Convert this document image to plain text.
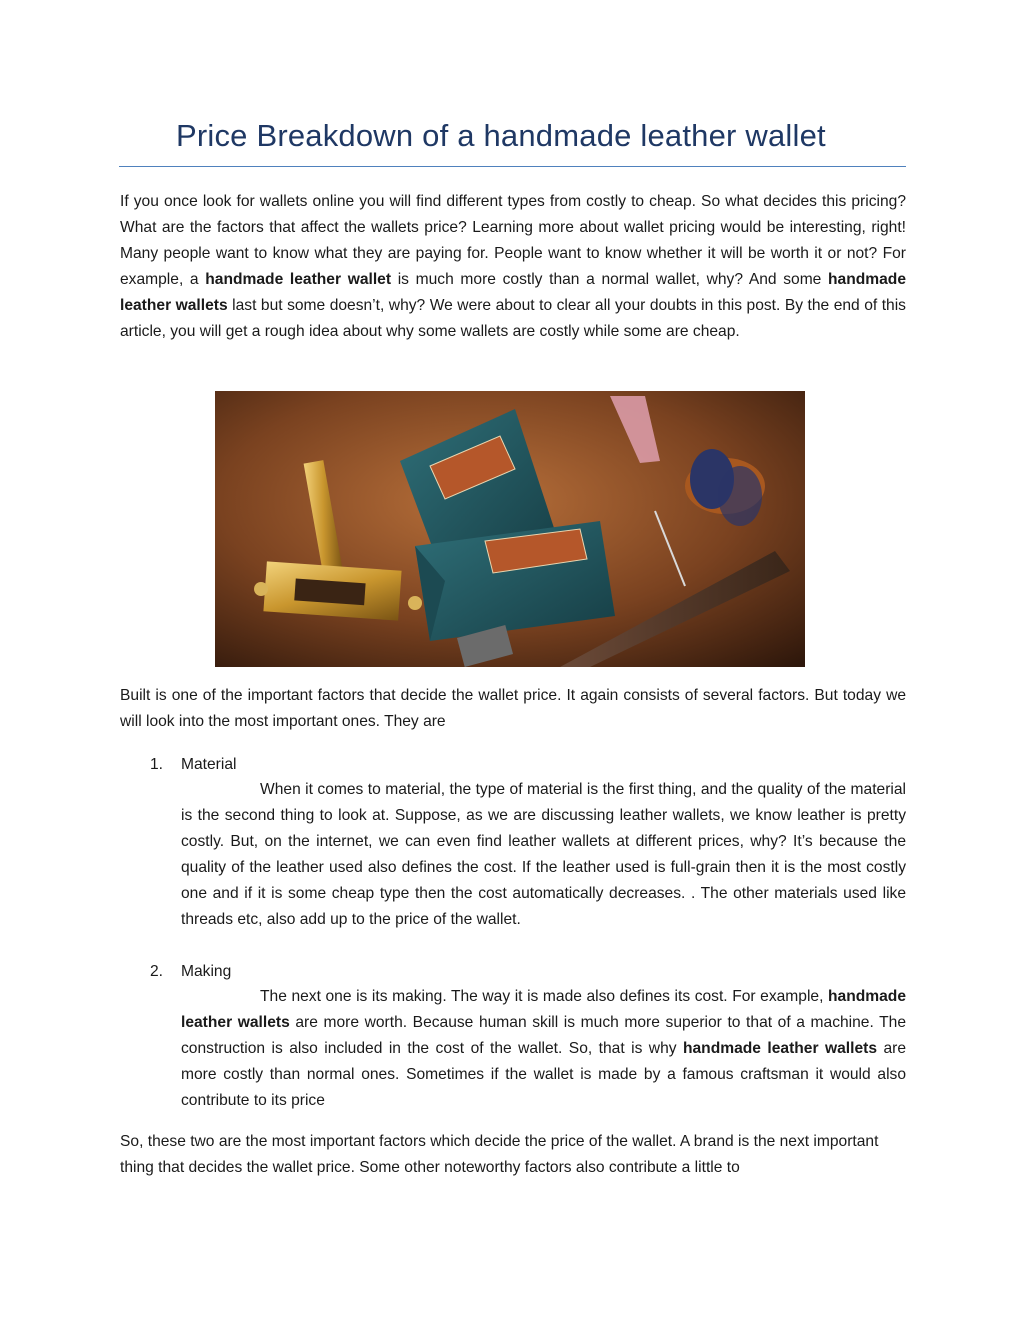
Price Breakdown of a handmade leather wallet

If you once look for wallets online you will find different types from costly to cheap. So what decides this pricing? What are the factors that affect the wallets price? Learning more about wallet pricing would be interesting, right! Many people want to know what they are paying for. People want to know whether it will be worth it or not? For example, a handmade leather wallet is much more costly than a normal wallet, why? And some handmade leather wallets last but some doesn’t, why? We were about to clear all your doubts in this post. By the end of this article, you will get a rough idea about why some wallets are costly while some are cheap.

Built is one of the important factors that decide the wallet price. It again consists of several factors. But today we will look into the most important ones. They are

1. Material

When it comes to material, the type of material is the first thing, and the quality of the material is the second thing to look at. Suppose, as we are discussing leather wallets, we know leather is pretty costly. But, on the internet, we can even find leather wallets at different prices, why? It’s because the quality of the leather used also defines the cost. If the leather used is full-grain then it is the most costly one and if it is some cheap type then the cost automatically decreases. . The other materials used like threads etc, also add up to the price of the wallet.

2. Making

The next one is its making. The way it is made also defines its cost. For example, handmade leather wallets are more worth. Because human skill is much more superior to that of a machine. The construction is also included in the cost of the wallet. So, that is why handmade leather wallets are more costly than normal ones. Sometimes if the wallet is made by a famous craftsman it would also contribute to its price

So, these two are the most important factors which decide the price of the wallet. A brand is the next important thing that decides the wallet price. Some other noteworthy factors also contribute a little to
